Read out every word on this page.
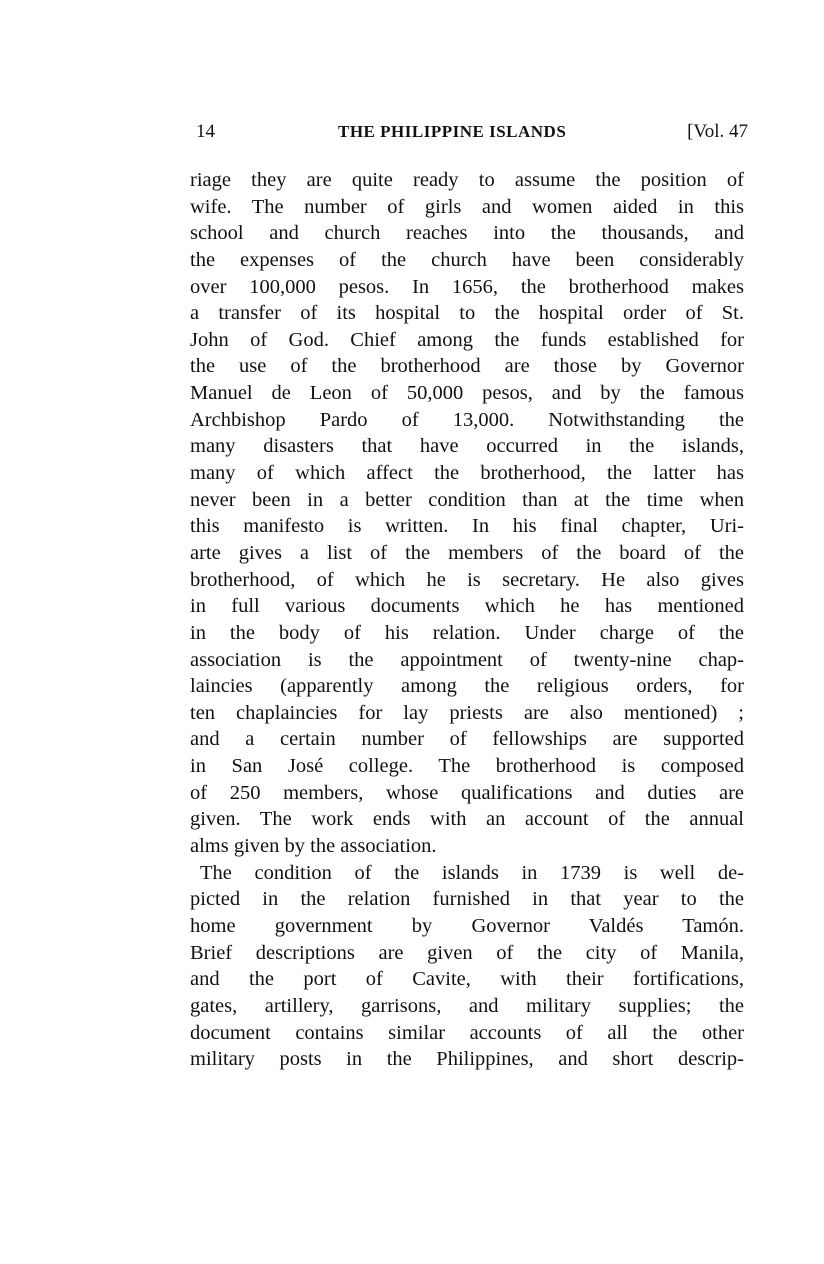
14	THE PHILIPPINE ISLANDS	[Vol. 47
riage they are quite ready to assume the position of
wife. The number of girls and women aided in this
school and church reaches into the thousands, and
the expenses of the church have been considerably
over 100,000 pesos. In 1656, the brotherhood makes
a transfer of its hospital to the hospital order of St.
John of God. Chief among the funds established for
the use of the brotherhood are those by Governor
Manuel de Leon of 50,000 pesos, and by the famous
Archbishop Pardo of 13,000. Notwithstanding the
many disasters that have occurred in the islands,
many of which affect the brotherhood, the latter has
never been in a better condition than at the time when
this manifesto is written. In his final chapter, Uri-
arte gives a list of the members of the board of the
brotherhood, of which he is secretary. He also gives
in full various documents which he has mentioned
in the body of his relation. Under charge of the
association is the appointment of twenty-nine chap-
laincies (apparently among the religious orders, for
ten chaplaincies for lay priests are also mentioned) ;
and a certain number of fellowships are supported
in San José college. The brotherhood is composed
of 250 members, whose qualifications and duties are
given. The work ends with an account of the annual
alms given by the association.
The condition of the islands in 1739 is well de-
picted in the relation furnished in that year to the
home government by Governor Valdés Tamón.
Brief descriptions are given of the city of Manila,
and the port of Cavite, with their fortifications,
gates, artillery, garrisons, and military supplies; the
document contains similar accounts of all the other
military posts in the Philippines, and short descrip-
